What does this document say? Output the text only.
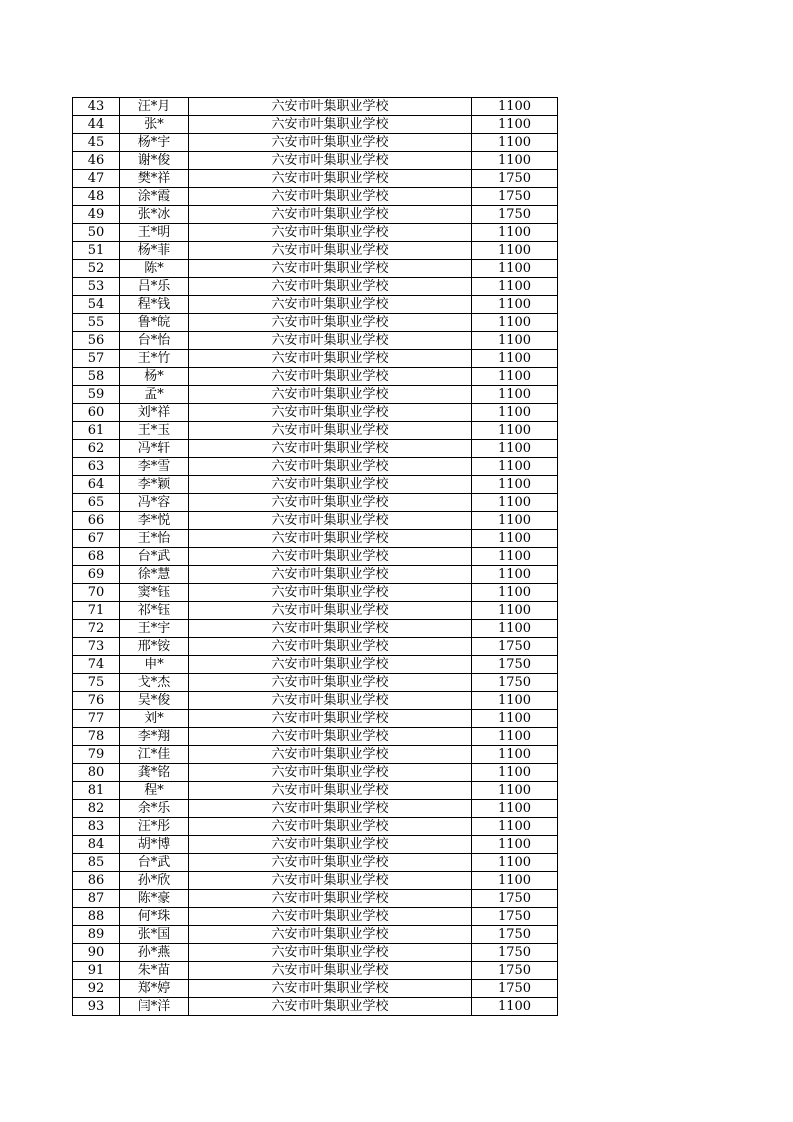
43	汪*月	六安市叶集职业学校	1100
44	张*	六安市叶集职业学校	1100
45	杨*宇	六安市叶集职业学校	1100
46	谢*俊	六安市叶集职业学校	1100
47	樊*祥	六安市叶集职业学校	1750
48	涂*霞	六安市叶集职业学校	1750
49	张*冰	六安市叶集职业学校	1750
50	王*明	六安市叶集职业学校	1100
51	杨*菲	六安市叶集职业学校	1100
52	陈*	六安市叶集职业学校	1100
53	吕*乐	六安市叶集职业学校	1100
54	程*钱	六安市叶集职业学校	1100
55	鲁*皖	六安市叶集职业学校	1100
56	台*怡	六安市叶集职业学校	1100
57	王*竹	六安市叶集职业学校	1100
58	杨*	六安市叶集职业学校	1100
59	孟*	六安市叶集职业学校	1100
60	刘*祥	六安市叶集职业学校	1100
61	王*玉	六安市叶集职业学校	1100
62	冯*轩	六安市叶集职业学校	1100
63	李*雪	六安市叶集职业学校	1100
64	李*颖	六安市叶集职业学校	1100
65	冯*容	六安市叶集职业学校	1100
66	李*悦	六安市叶集职业学校	1100
67	王*怡	六安市叶集职业学校	1100
68	台*武	六安市叶集职业学校	1100
69	徐*慧	六安市叶集职业学校	1100
70	窦*钰	六安市叶集职业学校	1100
71	祁*钰	六安市叶集职业学校	1100
72	王*宇	六安市叶集职业学校	1100
73	邢*铵	六安市叶集职业学校	1750
74	申*	六安市叶集职业学校	1750
75	戈*杰	六安市叶集职业学校	1750
76	吴*俊	六安市叶集职业学校	1100
77	刘*	六安市叶集职业学校	1100
78	李*翔	六安市叶集职业学校	1100
79	江*佳	六安市叶集职业学校	1100
80	龚*铭	六安市叶集职业学校	1100
81	程*	六安市叶集职业学校	1100
82	余*乐	六安市叶集职业学校	1100
83	汪*彤	六安市叶集职业学校	1100
84	胡*博	六安市叶集职业学校	1100
85	台*武	六安市叶集职业学校	1100
86	孙*欣	六安市叶集职业学校	1100
87	陈*豪	六安市叶集职业学校	1750
88	何*珠	六安市叶集职业学校	1750
89	张*国	六安市叶集职业学校	1750
90	孙*燕	六安市叶集职业学校	1750
91	朱*苗	六安市叶集职业学校	1750
92	郑*婷	六安市叶集职业学校	1750
93	闫*洋	六安市叶集职业学校	1100
